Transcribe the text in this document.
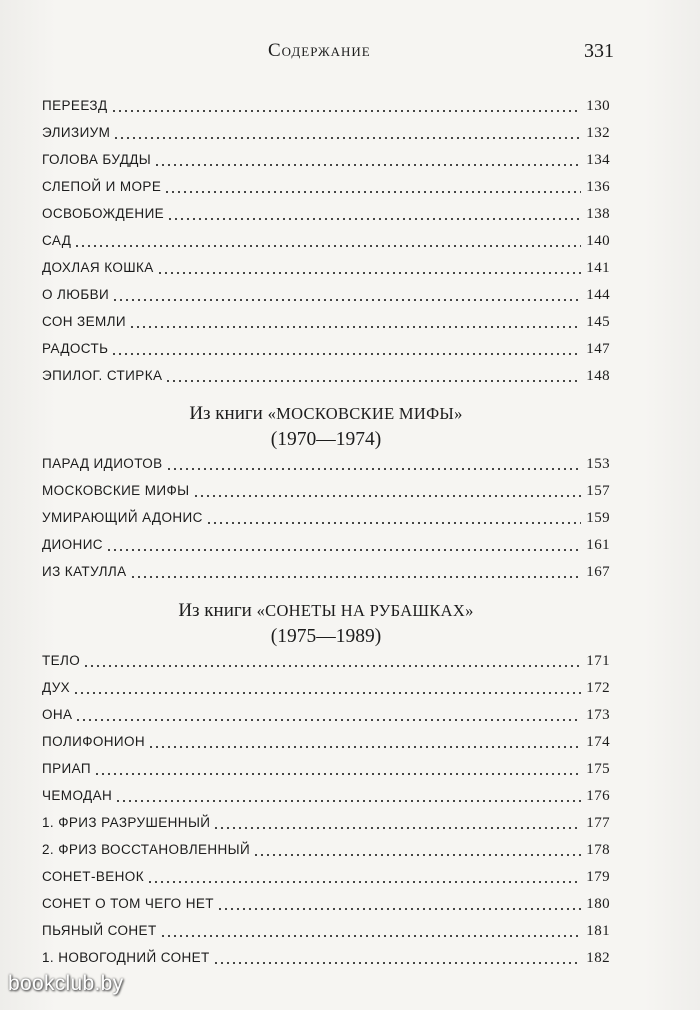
Содержание	331
ПЕРЕЕЗД	130
ЭЛИЗИУМ	132
ГОЛОВА БУДДЫ	134
СЛЕПОЙ И МОРЕ	136
ОСВОБОЖДЕНИЕ	138
САД	140
ДОХЛАЯ КОШКА	141
О ЛЮБВИ	144
СОН ЗЕМЛИ	145
РАДОСТЬ	147
ЭПИЛОГ. СТИРКА	148
Из книги «МОСКОВСКИЕ МИФЫ»
(1970—1974)
ПАРАД ИДИОТОВ	153
МОСКОВСКИЕ МИФЫ	157
УМИРАЮЩИЙ АДОНИС	159
ДИОНИС	161
ИЗ КАТУЛЛА	167
Из книги «СОНЕТЫ НА РУБАШКАХ»
(1975—1989)
ТЕЛО	171
ДУХ	172
ОНА	173
ПОЛИФОНИОН	174
ПРИАП	175
ЧЕМОДАН	176
1. ФРИЗ РАЗРУШЕННЫЙ	177
2. ФРИЗ ВОССТАНОВЛЕННЫЙ	178
СОНЕТ-ВЕНОК	179
СОНЕТ О ТОМ ЧЕГО НЕТ	180
ПЬЯНЫЙ СОНЕТ	181
1. НОВОГОДНИЙ СОНЕТ	182
bookclub.by
